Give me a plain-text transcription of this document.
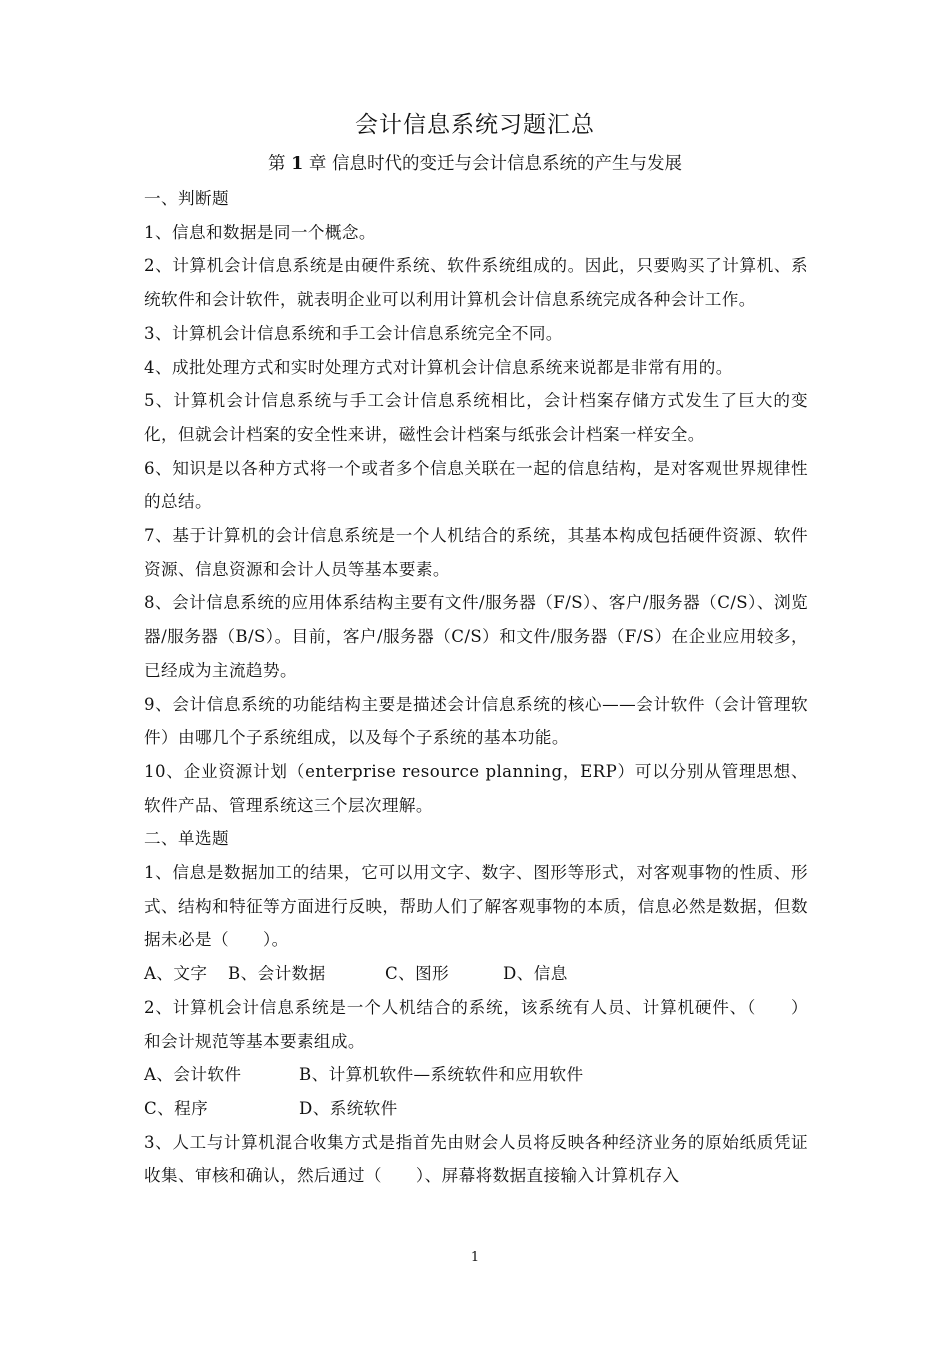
会计信息系统习题汇总
第 1 章 信息时代的变迁与会计信息系统的产生与发展

一、判断题

1、信息和数据是同一个概念。

2、计算机会计信息系统是由硬件系统、软件系统组成的。因此，只要购买了计算机、系统软件和会计软件，就表明企业可以利用计算机会计信息系统完成各种会计工作。

3、计算机会计信息系统和手工会计信息系统完全不同。

4、成批处理方式和实时处理方式对计算机会计信息系统来说都是非常有用的。

5、计算机会计信息系统与手工会计信息系统相比，会计档案存储方式发生了巨大的变化，但就会计档案的安全性来讲，磁性会计档案与纸张会计档案一样安全。

6、知识是以各种方式将一个或者多个信息关联在一起的信息结构，是对客观世界规律性的总结。

7、基于计算机的会计信息系统是一个人机结合的系统，其基本构成包括硬件资源、软件资源、信息资源和会计人员等基本要素。

8、会计信息系统的应用体系结构主要有文件/服务器（F/S）、客户/服务器（C/S）、浏览器/服务器（B/S）。目前，客户/服务器（C/S）和文件/服务器（F/S）在企业应用较多，已经成为主流趋势。

9、会计信息系统的功能结构主要是描述会计信息系统的核心——会计软件（会计管理软件）由哪几个子系统组成，以及每个子系统的基本功能。

10、企业资源计划（enterprise resource planning，ERP）可以分别从管理思想、软件产品、管理系统这三个层次理解。

二、单选题

1、信息是数据加工的结果，它可以用文字、数字、图形等形式，对客观事物的性质、形式、结构和特征等方面进行反映，帮助人们了解客观事物的本质，信息必然是数据，但数据未必是（　　）。

A、文字	B、会计数据	C、图形	D、信息

2、计算机会计信息系统是一个人机结合的系统，该系统有人员、计算机硬件、（　　）和会计规范等基本要素组成。

A、会计软件	B、计算机软件—系统软件和应用软件
C、程序	D、系统软件

3、人工与计算机混合收集方式是指首先由财会人员将反映各种经济业务的原始纸质凭证收集、审核和确认，然后通过（　　）、屏幕将数据直接输入计算机存入

1
